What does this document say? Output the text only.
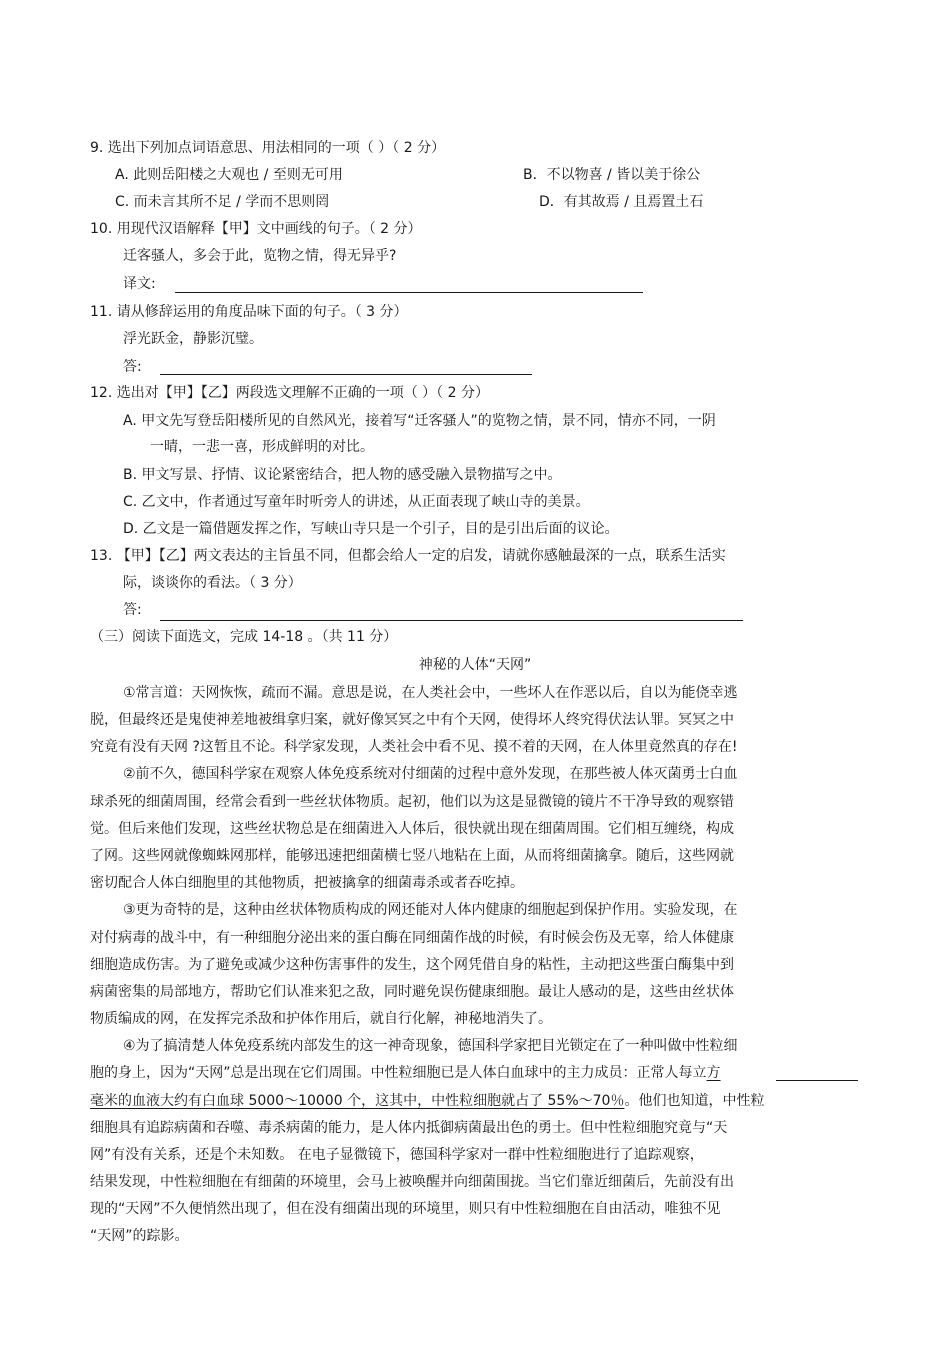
9. 选出下列加点词语意思、用法相同的一项（ ）（ 2 分）
A. 此则岳阳楼之大观也 / 至则无可用	B．不以物喜 / 皆以美于徐公
C. 而未言其所不足 / 学而不思则罔	D．有其故焉 / 且焉置土石
10. 用现代汉语解释【甲】文中画线的句子。（ 2 分）
迁客骚人，多会于此，览物之情，得无异乎?
译文:
11. 请从修辞运用的角度品味下面的句子。（ 3 分）
浮光跃金，静影沉璧。
答:
12. 选出对【甲】【乙】两段选文理解不正确的一项（ ）（ 2 分）
A. 甲文先写登岳阳楼所见的自然风光，接着写“迁客骚人”的览物之情，景不同，情亦不同，一阴
一晴，一悲一喜，形成鲜明的对比。
B. 甲文写景、抒情、议论紧密结合，把人物的感受融入景物描写之中。
C. 乙文中，作者通过写童年时听旁人的讲述，从正面表现了峡山寺的美景。
D. 乙文是一篇借题发挥之作，写峡山寺只是一个引子，目的是引出后面的议论。
13. 【甲】【乙】两文表达的主旨虽不同，但都会给人一定的启发，请就你感触最深的一点，联系生活实
际，谈谈你的看法。（ 3 分）
答:
（三）阅读下面选文，完成 14-18 。（共 11 分）
神秘的人体“天网”
①常言道：天网恢恢，疏而不漏。意思是说，在人类社会中，一些坏人在作恶以后，自以为能侥幸逃
脱，但最终还是鬼使神差地被缉拿归案，就好像冥冥之中有个天网，使得坏人终究得伏法认罪。冥冥之中
究竟有没有天网 ?这暂且不论。科学家发现，人类社会中看不见、摸不着的天网，在人体里竟然真的存在!
②前不久，德国科学家在观察人体免疫系统对付细菌的过程中意外发现，在那些被人体灭菌勇士白血
球杀死的细菌周围，经常会看到一些丝状体物质。起初，他们以为这是显微镜的镜片不干净导致的观察错
觉。但后来他们发现，这些丝状物总是在细菌进入人体后，很快就出现在细菌周围。它们相互缠绕，构成
了网。这些网就像蜘蛛网那样，能够迅速把细菌横七竖八地粘在上面，从而将细菌擒拿。随后，这些网就
密切配合人体白细胞里的其他物质，把被擒拿的细菌毒杀或者吞吃掉。
③更为奇特的是，这种由丝状体物质构成的网还能对人体内健康的细胞起到保护作用。实验发现，在
对付病毒的战斗中，有一种细胞分泌出来的蛋白酶在同细菌作战的时候，有时候会伤及无辜，给人体健康
细胞造成伤害。为了避免或减少这种伤害事件的发生，这个网凭借自身的粘性，主动把这些蛋白酶集中到
病菌密集的局部地方，帮助它们认准来犯之敌，同时避免误伤健康细胞。最让人感动的是，这些由丝状体
物质编成的网，在发挥完杀敌和护体作用后，就自行化解，神秘地消失了。
④为了搞清楚人体免疫系统内部发生的这一神奇现象，德国科学家把目光锁定在了一种叫做中性粒细
胞的身上，因为“天网”总是出现在它们周围。中性粒细胞已是人体白血球中的主力成员：正常人每立方
毫米的血液大约有白血球 5000～10000 个，这其中，中性粒细胞就占了 55%～70％。他们也知道，中性粒
细胞具有追踪病菌和吞噬、毒杀病菌的能力，是人体内抵御病菌最出色的勇士。但中性粒细胞究竟与“天
网”有没有关系，还是个未知数。 在电子显微镜下，德国科学家对一群中性粒细胞进行了追踪观察，
结果发现，中性粒细胞在有细菌的环境里，会马上被唤醒并向细菌围拢。当它们靠近细菌后，先前没有出
现的“天网”不久便悄然出现了，但在没有细菌出现的环境里，则只有中性粒细胞在自由活动，唯独不见
“天网”的踪影。
